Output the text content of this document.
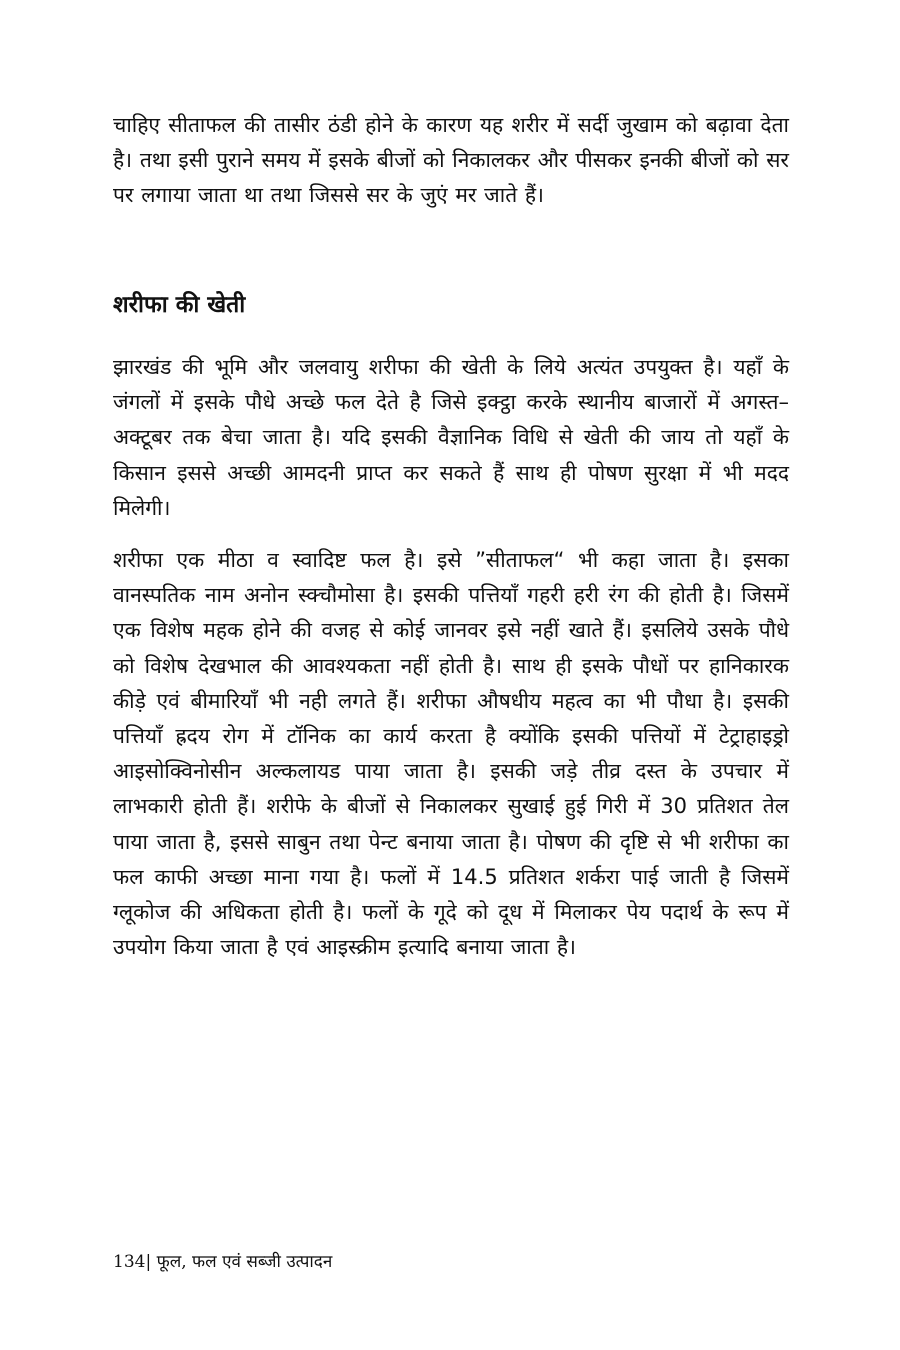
चाहिए सीताफल की तासीर ठंडी होने के कारण यह शरीर में सर्दी जुखाम को बढ़ावा देता है। तथा इसी पुराने समय में इसके बीजों को निकालकर और पीसकर इनकी बीजों को सर पर लगाया जाता था तथा जिससे सर के जुएं मर जाते हैं।

शरीफा की खेती

झारखंड की भूमि और जलवायु शरीफा की खेती के लिये अत्यंत उपयुक्त है। यहाँ के जंगलों में इसके पौधे अच्छे फल देते है जिसे इक्ट्ठा करके स्थानीय बाजारों में अगस्त–अक्टूबर तक बेचा जाता है। यदि इसकी वैज्ञानिक विधि से खेती की जाय तो यहाँ के किसान इससे अच्छी आमदनी प्राप्त कर सकते हैं साथ ही पोषण सुरक्षा में भी मदद मिलेगी।

शरीफा एक मीठा व स्वादिष्ट फल है। इसे ”सीताफल“ भी कहा जाता है। इसका वानस्पतिक नाम अनोन स्क्चौमोसा है। इसकी पत्तियाँ गहरी हरी रंग की होती है। जिसमें एक विशेष महक होने की वजह से कोई जानवर इसे नहीं खाते हैं। इसलिये उसके पौधे को विशेष देखभाल की आवश्यकता नहीं होती है। साथ ही इसके पौधों पर हानिकारक कीड़े एवं बीमारियाँ भी नही लगते हैं। शरीफा औषधीय महत्व का भी पौधा है। इसकी पत्तियाँ ह्रदय रोग में टॉनिक का कार्य करता है क्योंकि इसकी पत्तियों में टेट्राहाइड्रो आइसोक्विनोसीन अल्कलायड पाया जाता है। इसकी जड़े तीव्र दस्त के उपचार में लाभकारी होती हैं। शरीफे के बीजों से निकालकर सुखाई हुई गिरी में 30 प्रतिशत तेल पाया जाता है, इससे साबुन तथा पेन्ट बनाया जाता है। पोषण की दृष्टि से भी शरीफा का फल काफी अच्छा माना गया है। फलों में 14.5 प्रतिशत शर्करा पाई जाती है जिसमें ग्लूकोज की अधिकता होती है। फलों के गूदे को दूध में मिलाकर पेय पदार्थ के रूप में उपयोग किया जाता है एवं आइस्क्रीम इत्यादि बनाया जाता है।

134| फूल, फल एवं सब्जी उत्पादन
